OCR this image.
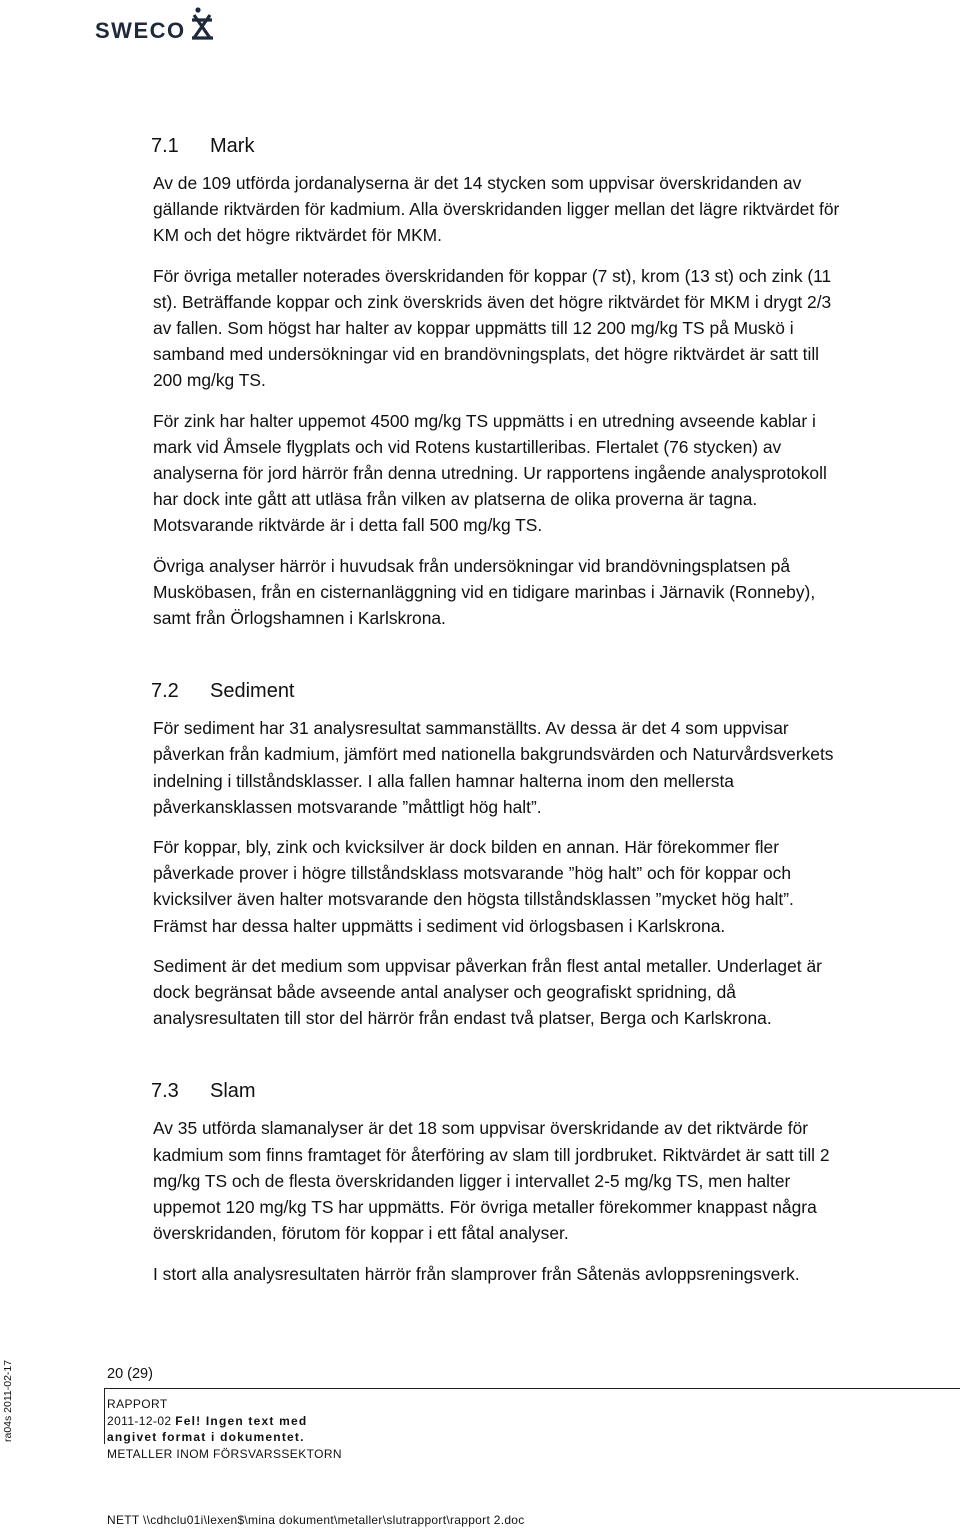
SWECO
7.1 Mark

Av de 109 utförda jordanalyserna är det 14 stycken som uppvisar överskridanden av
gällande riktvärden för kadmium. Alla överskridanden ligger mellan det lägre riktvärdet för
KM och det högre riktvärdet för MKM.

För övriga metaller noterades överskridanden för koppar (7 st), krom (13 st) och zink (11
st). Beträffande koppar och zink överskrids även det högre riktvärdet för MKM i drygt 2/3
av fallen. Som högst har halter av koppar uppmätts till 12 200 mg/kg TS på Muskö i
samband med undersökningar vid en brandövningsplats, det högre riktvärdet är satt till
200 mg/kg TS.

För zink har halter uppemot 4500 mg/kg TS uppmätts i en utredning avseende kablar i
mark vid Åmsele flygplats och vid Rotens kustartilleribas. Flertalet (76 stycken) av
analyserna för jord härrör från denna utredning. Ur rapportens ingående analysprotokoll
har dock inte gått att utläsa från vilken av platserna de olika proverna är tagna.
Motsvarande riktvärde är i detta fall 500 mg/kg TS.

Övriga analyser härrör i huvudsak från undersökningar vid brandövningsplatsen på
Musköbasen, från en cisternanläggning vid en tidigare marinbas i Järnavik (Ronneby),
samt från Örlogshamnen i Karlskrona.

7.2 Sediment

För sediment har 31 analysresultat sammanställts. Av dessa är det 4 som uppvisar
påverkan från kadmium, jämfört med nationella bakgrundsvärden och Naturvårdsverkets
indelning i tillståndsklasser. I alla fallen hamnar halterna inom den mellersta
påverkansklassen motsvarande ”måttligt hög halt”.

För koppar, bly, zink och kvicksilver är dock bilden en annan. Här förekommer fler
påverkade prover i högre tillståndsklass motsvarande ”hög halt” och för koppar och
kvicksilver även halter motsvarande den högsta tillståndsklassen ”mycket hög halt”.
Främst har dessa halter uppmätts i sediment vid örlogsbasen i Karlskrona.

Sediment är det medium som uppvisar påverkan från flest antal metaller. Underlaget är
dock begränsat både avseende antal analyser och geografiskt spridning, då
analysresultaten till stor del härrör från endast två platser, Berga och Karlskrona.

7.3 Slam

Av 35 utförda slamanalyser är det 18 som uppvisar överskridande av det riktvärde för
kadmium som finns framtaget för återföring av slam till jordbruket. Riktvärdet är satt till 2
mg/kg TS och de flesta överskridanden ligger i intervallet 2-5 mg/kg TS, men halter
uppemot 120 mg/kg TS har uppmätts. För övriga metaller förekommer knappast några
överskridanden, förutom för koppar i ett fåtal analyser.

I stort alla analysresultaten härrör från slamprover från Såtenäs avloppsreningsverk.

ra04s 2011-02-17	20 (29)
RAPPORT
2011-12-02 Fel! Ingen text med
angivet format i dokumentet.
METALLER INOM FÖRSVARSSEKTORN
NETT \\cdhclu01i\lexen$\mina dokument\metaller\slutrapport\rapport 2.doc
